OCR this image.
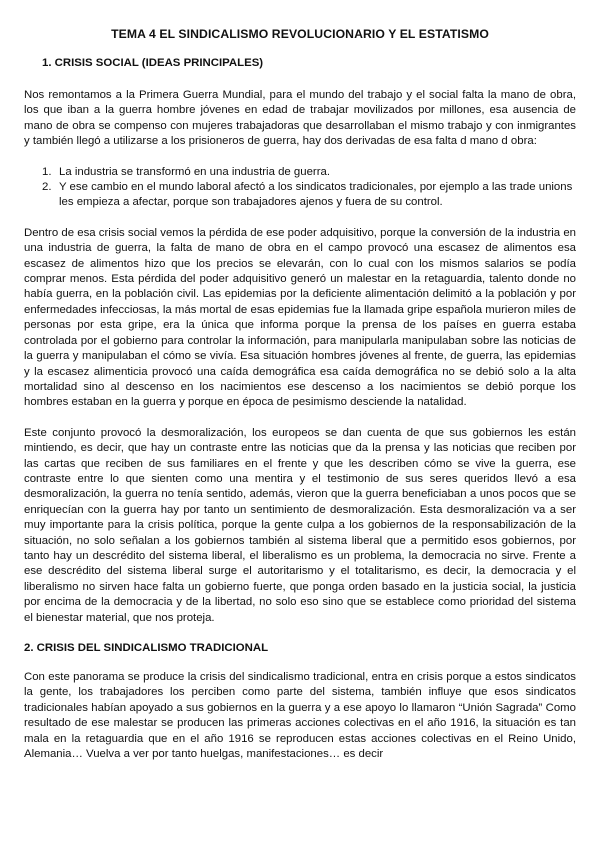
TEMA 4 EL SINDICALISMO REVOLUCIONARIO Y EL ESTATISMO
1. CRISIS SOCIAL (IDEAS PRINCIPALES)

Nos remontamos a la Primera Guerra Mundial, para el mundo del trabajo y el social falta la mano de obra, los que iban a la guerra hombre jóvenes en edad de trabajar movilizados por millones, esa ausencia de mano de obra se compenso con mujeres trabajadoras que desarrollaban el mismo trabajo y con inmigrantes y también llegó a utilizarse a los prisioneros de guerra, hay dos derivadas de esa falta d mano d obra:

1. La industria se transformó en una industria de guerra.
2. Y ese cambio en el mundo laboral afectó a los sindicatos tradicionales, por ejemplo a las trade unions les empieza a afectar, porque son trabajadores ajenos y fuera de su control.

Dentro de esa crisis social vemos la pérdida de ese poder adquisitivo, porque la conversión de la industria en una industria de guerra, la falta de mano de obra en el campo provocó una escasez de alimentos esa escasez de alimentos hizo que los precios se elevarán, con lo cual con los mismos salarios se podía comprar menos. Esta pérdida del poder adquisitivo generó un malestar en la retaguardia, talento donde no había guerra, en la población civil. Las epidemias por la deficiente alimentación delimitó a la población y por enfermedades infecciosas, la más mortal de esas epidemias fue la llamada gripe española murieron miles de personas por esta gripe, era la única que informa porque la prensa de los países en guerra estaba controlada por el gobierno para controlar la información, para manipularla manipulaban sobre las noticias de la guerra y manipulaban el cómo se vivía. Esa situación hombres jóvenes al frente, de guerra, las epidemias y la escasez alimenticia provocó una caída demográfica esa caída demográfica no se debió solo a la alta mortalidad sino al descenso en los nacimientos ese descenso a los nacimientos se debió porque los hombres estaban en la guerra y porque en época de pesimismo desciende la natalidad.

Este conjunto provocó la desmoralización, los europeos se dan cuenta de que sus gobiernos les están mintiendo, es decir, que hay un contraste entre las noticias que da la prensa y las noticias que reciben por las cartas que reciben de sus familiares en el frente y que les describen cómo se vive la guerra, ese contraste entre lo que sienten como una mentira y el testimonio de sus seres queridos llevó a esa desmoralización, la guerra no tenía sentido, además, vieron que la guerra beneficiaban a unos pocos que se enriquecían con la guerra hay por tanto un sentimiento de desmoralización. Esta desmoralización va a ser muy importante para la crisis política, porque la gente culpa a los gobiernos de la responsabilización de la situación, no solo señalan a los gobiernos también al sistema liberal que a permitido esos gobiernos, por tanto hay un descrédito del sistema liberal, el liberalismo es un problema, la democracia no sirve. Frente a ese descrédito del sistema liberal surge el autoritarismo y el totalitarismo, es decir, la democracia y el liberalismo no sirven hace falta un gobierno fuerte, que ponga orden basado en la justicia social, la justicia por encima de la democracia y de la libertad, no solo eso sino que se establece como prioridad del sistema el bienestar material, que nos proteja.

2. CRISIS DEL SINDICALISMO TRADICIONAL

Con este panorama se produce la crisis del sindicalismo tradicional, entra en crisis porque a estos sindicatos la gente, los trabajadores los perciben como parte del sistema, también influye que esos sindicatos tradicionales habían apoyado a sus gobiernos en la guerra y a ese apoyo lo llamaron “Unión Sagrada” Como resultado de ese malestar se producen las primeras acciones colectivas en el año 1916, la situación es tan mala en la retaguardia que en el año 1916 se reproducen estas acciones colectivas en el Reino Unido, Alemania… Vuelva a ver por tanto huelgas, manifestaciones… es decir
